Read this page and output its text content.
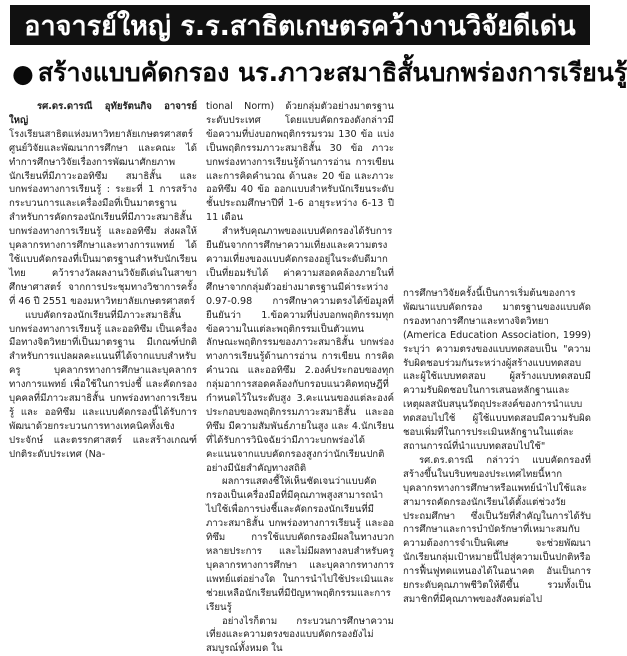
อาจารย์ใหญ่ ร.ร.สาธิตเกษตรคว้างานวิจัยดีเด่น
● สร้างแบบคัดกรอง นร.ภาวะสมาธิสั้นบกพร่องการเรียนรู้

รศ.ดร.ดารณี อุทัยรัตนกิจ อาจารย์ใหญ่

โรงเรียนสาธิตแห่งมหาวิทยาลัยเกษตรศาสตร์ ศูนย์วิจัยและพัฒนาการศึกษา และคณะ ได้ทำการศึกษาวิจัยเรื่องการพัฒนาศักยภาพนักเรียนที่มีภาวะออทิซึม สมาธิสั้น และบกพร่องทางการเรียนรู้ : ระยะที่ 1 การสร้างกระบวนการและเครื่องมือที่เป็นมาตรฐานสำหรับการคัดกรองนักเรียนที่มีภาวะสมาธิสั้น บกพร่องทางการเรียนรู้ และออทิซึม ส่งผลให้บุคลากรทางการศึกษาและทางการแพทย์ ได้ใช้แบบคัดกรองที่เป็นมาตรฐานสำหรับนักเรียนไทย คว้ารางวัลผลงานวิจัยดีเด่นในสาขาศึกษาศาสตร์ จากการประชุมทางวิชาการครั้งที่ 46 ปี 2551 ของมหาวิทยาลัยเกษตรศาสตร์

แบบคัดกรองนักเรียนที่มีภาวะสมาธิสั้น บกพร่องทางการเรียนรู้ และออทิซึม เป็นเครื่องมือทางจิตวิทยาที่เป็นมาตรฐาน มีเกณฑ์ปกติสำหรับการแปลผลคะแนนที่ได้จากแบบสำหรับครู บุคลากรทางการศึกษาและบุคลากรทางการแพทย์ เพื่อใช้ในการบ่งชี้ และคัดกรองบุคคลที่มีภาวะสมาธิสั้น บกพร่องทางการเรียนรู้ และ ออทิซึม และแบบคัดกรองนี้ได้รับการพัฒนาด้วยกระบวนการทางเทคนิคทั้งเชิงประจักษ์ และตรรกศาสตร์ และสร้างเกณฑ์ปกติระดับประเทศ (Na-

tional Norm) ด้วยกลุ่มตัวอย่างมาตรฐานระดับประเทศ โดยแบบคัดกรองดังกล่าวมีข้อความที่บ่งบอกพฤติกรรมรวม 130 ข้อ แบ่งเป็นพฤติกรรมภาวะสมาธิสั้น 30 ข้อ ภาวะบกพร่องทางการเรียนรู้ด้านการอ่าน การเขียน และการคิดคำนวณ ด้านละ 20 ข้อ และภาวะออทิซึม 40 ข้อ ออกแบบสำหรับนักเรียนระดับชั้นประถมศึกษาปีที่ 1-6 อายุระหว่าง 6-13 ปี 11 เดือน

สำหรับคุณภาพของแบบคัดกรองได้รับการยืนยันจากการศึกษาความเที่ยงและความตรง ความเที่ยงของแบบคัดกรองอยู่ในระดับดีมากเป็นที่ยอมรับได้ ค่าความสอดคล้องภายในที่ศึกษาจากกลุ่มตัวอย่างมาตรฐานมีค่าระหว่าง 0.97-0.98 การศึกษาความตรงได้ข้อมูลที่ยืนยันว่า 1.ข้อความที่บ่งบอกพฤติกรรมทุกข้อความในแต่ละพฤติกรรมเป็นตัวแทนลักษณะพฤติกรรมของภาวะสมาธิสั้น บกพร่องทางการเรียนรู้ด้านการอ่าน การเขียน การคิดคำนวณ และออทิซึม 2.องค์ประกอบของทุกกลุ่มอาการสอดคล้องกับกรอบแนวคิดทฤษฎีที่กำหนดไว้ในระดับสูง 3.คะแนนของแต่ละองค์ประกอบของพฤติกรรมภาวะสมาธิสั้น และออทิซึม มีความสัมพันธ์ภายในสูง และ 4.นักเรียนที่ได้รับการวินิจฉัยว่ามีภาวะบกพร่องได้คะแนนจากแบบคัดกรองสูงกว่านักเรียนปกติอย่างมีนัยสำคัญทางสถิติ

ผลการแสดงชี้ให้เห็นชัดเจนว่าแบบคัดกรองเป็นเครื่องมือที่มีคุณภาพสูงสามารถนำไปใช้เพื่อการบ่งชี้และคัดกรองนักเรียนที่มีภาวะสมาธิสั้น บกพร่องทางการเรียนรู้ และออทิซึม การใช้แบบคัดกรองมีผลในทางบวกหลายประการ และไม่มีผลทางลบสำหรับครูบุคลากรทางการศึกษา และบุคลากรทางการแพทย์แต่อย่างใด ในการนำไปใช้ประเมินและช่วยเหลือนักเรียนที่มีปัญหาพฤติกรรมและการเรียนรู้

อย่างไรก็ตาม กระบวนการศึกษาความเที่ยงและความตรงของแบบคัดกรองยังไม่สมบูรณ์ทั้งหมด ใน

การศึกษาวิจัยครั้งนี้เป็นการเริ่มต้นของการพัฒนาแบบคัดกรอง มาตรฐานของแบบคัดกรองทางการศึกษาและทางจิตวิทยา (America Education Association, 1999) ระบุว่า ความตรงของแบบทดสอบเป็น "ความรับผิดชอบร่วมกันระหว่างผู้สร้างแบบทดสอบและผู้ใช้แบบทดสอบ ผู้สร้างแบบทดสอบมีความรับผิดชอบในการเสนอหลักฐานและเหตุผลสนับสนุนวัตถุประสงค์ของการนำแบบทดสอบไปใช้ ผู้ใช้แบบทดสอบมีความรับผิดชอบเพิ่มที่ในการประเมินหลักฐานในแต่ละสถานการณ์ที่นำแบบทดสอบไปใช้"

รศ.ดร.ดารณี กล่าวว่า แบบคัดกรองที่สร้างขึ้นในบริบทของประเทศไทยนี้หากบุคลากรทางการศึกษาหรือแพทย์นำไปใช้และสามารถคัดกรองนักเรียนได้ตั้งแต่ช่วงวัยประถมศึกษา ซึ่งเป็นวัยที่สำคัญในการได้รับการศึกษาและการบำบัดรักษาที่เหมาะสมกับความต้องการจำเป็นพิเศษ จะช่วยพัฒนานักเรียนกลุ่มเป้าหมายนี้ไปสู่ความเป็นปกติหรือการฟื้นฟูทดแทนองได้ในอนาคต อันเป็นการยกระดับคุณภาพชีวิตให้ดีขึ้น รวมทั้งเป็นสมาชิกที่มีคุณภาพของสังคมต่อไป
